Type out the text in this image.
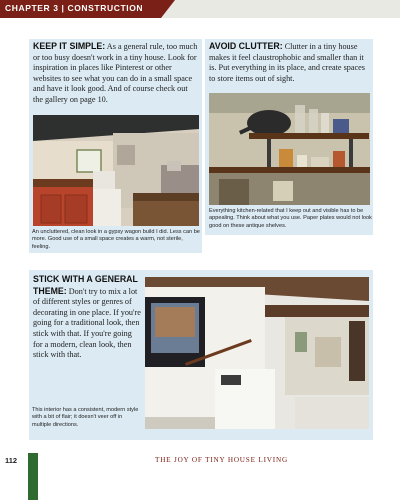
CHAPTER 3 | CONSTRUCTION

KEEP IT SIMPLE: As a general rule, too much or too busy doesn't work in a tiny house. Look for inspiration in places like Pinterest or other websites to see what you can do in a small space and have it look good. And of course check out the gallery on page 10.

An uncluttered, clean look in a gypsy wagon build I did. Less can be more. Good use of a small space creates a warm, not sterile, feeling.

AVOID CLUTTER: Clutter in a tiny house makes it feel claustrophobic and smaller than it is. Put everything in its place, and create spaces to store items out of sight.

Everything kitchen-related that I keep out and visible has to be appealing. Think about what you use. Paper plates would not look good on these antique shelves.

STICK WITH A GENERAL THEME: Don't try to mix a lot of different styles or genres of decorating in one place. If you're going for a traditional look, then stick with that. If you're going for a modern, clean look, then stick with that.

This interior has a consistent, modern style with a bit of flair; it doesn't veer off in multiple directions.

112	THE JOY OF TINY HOUSE LIVING
